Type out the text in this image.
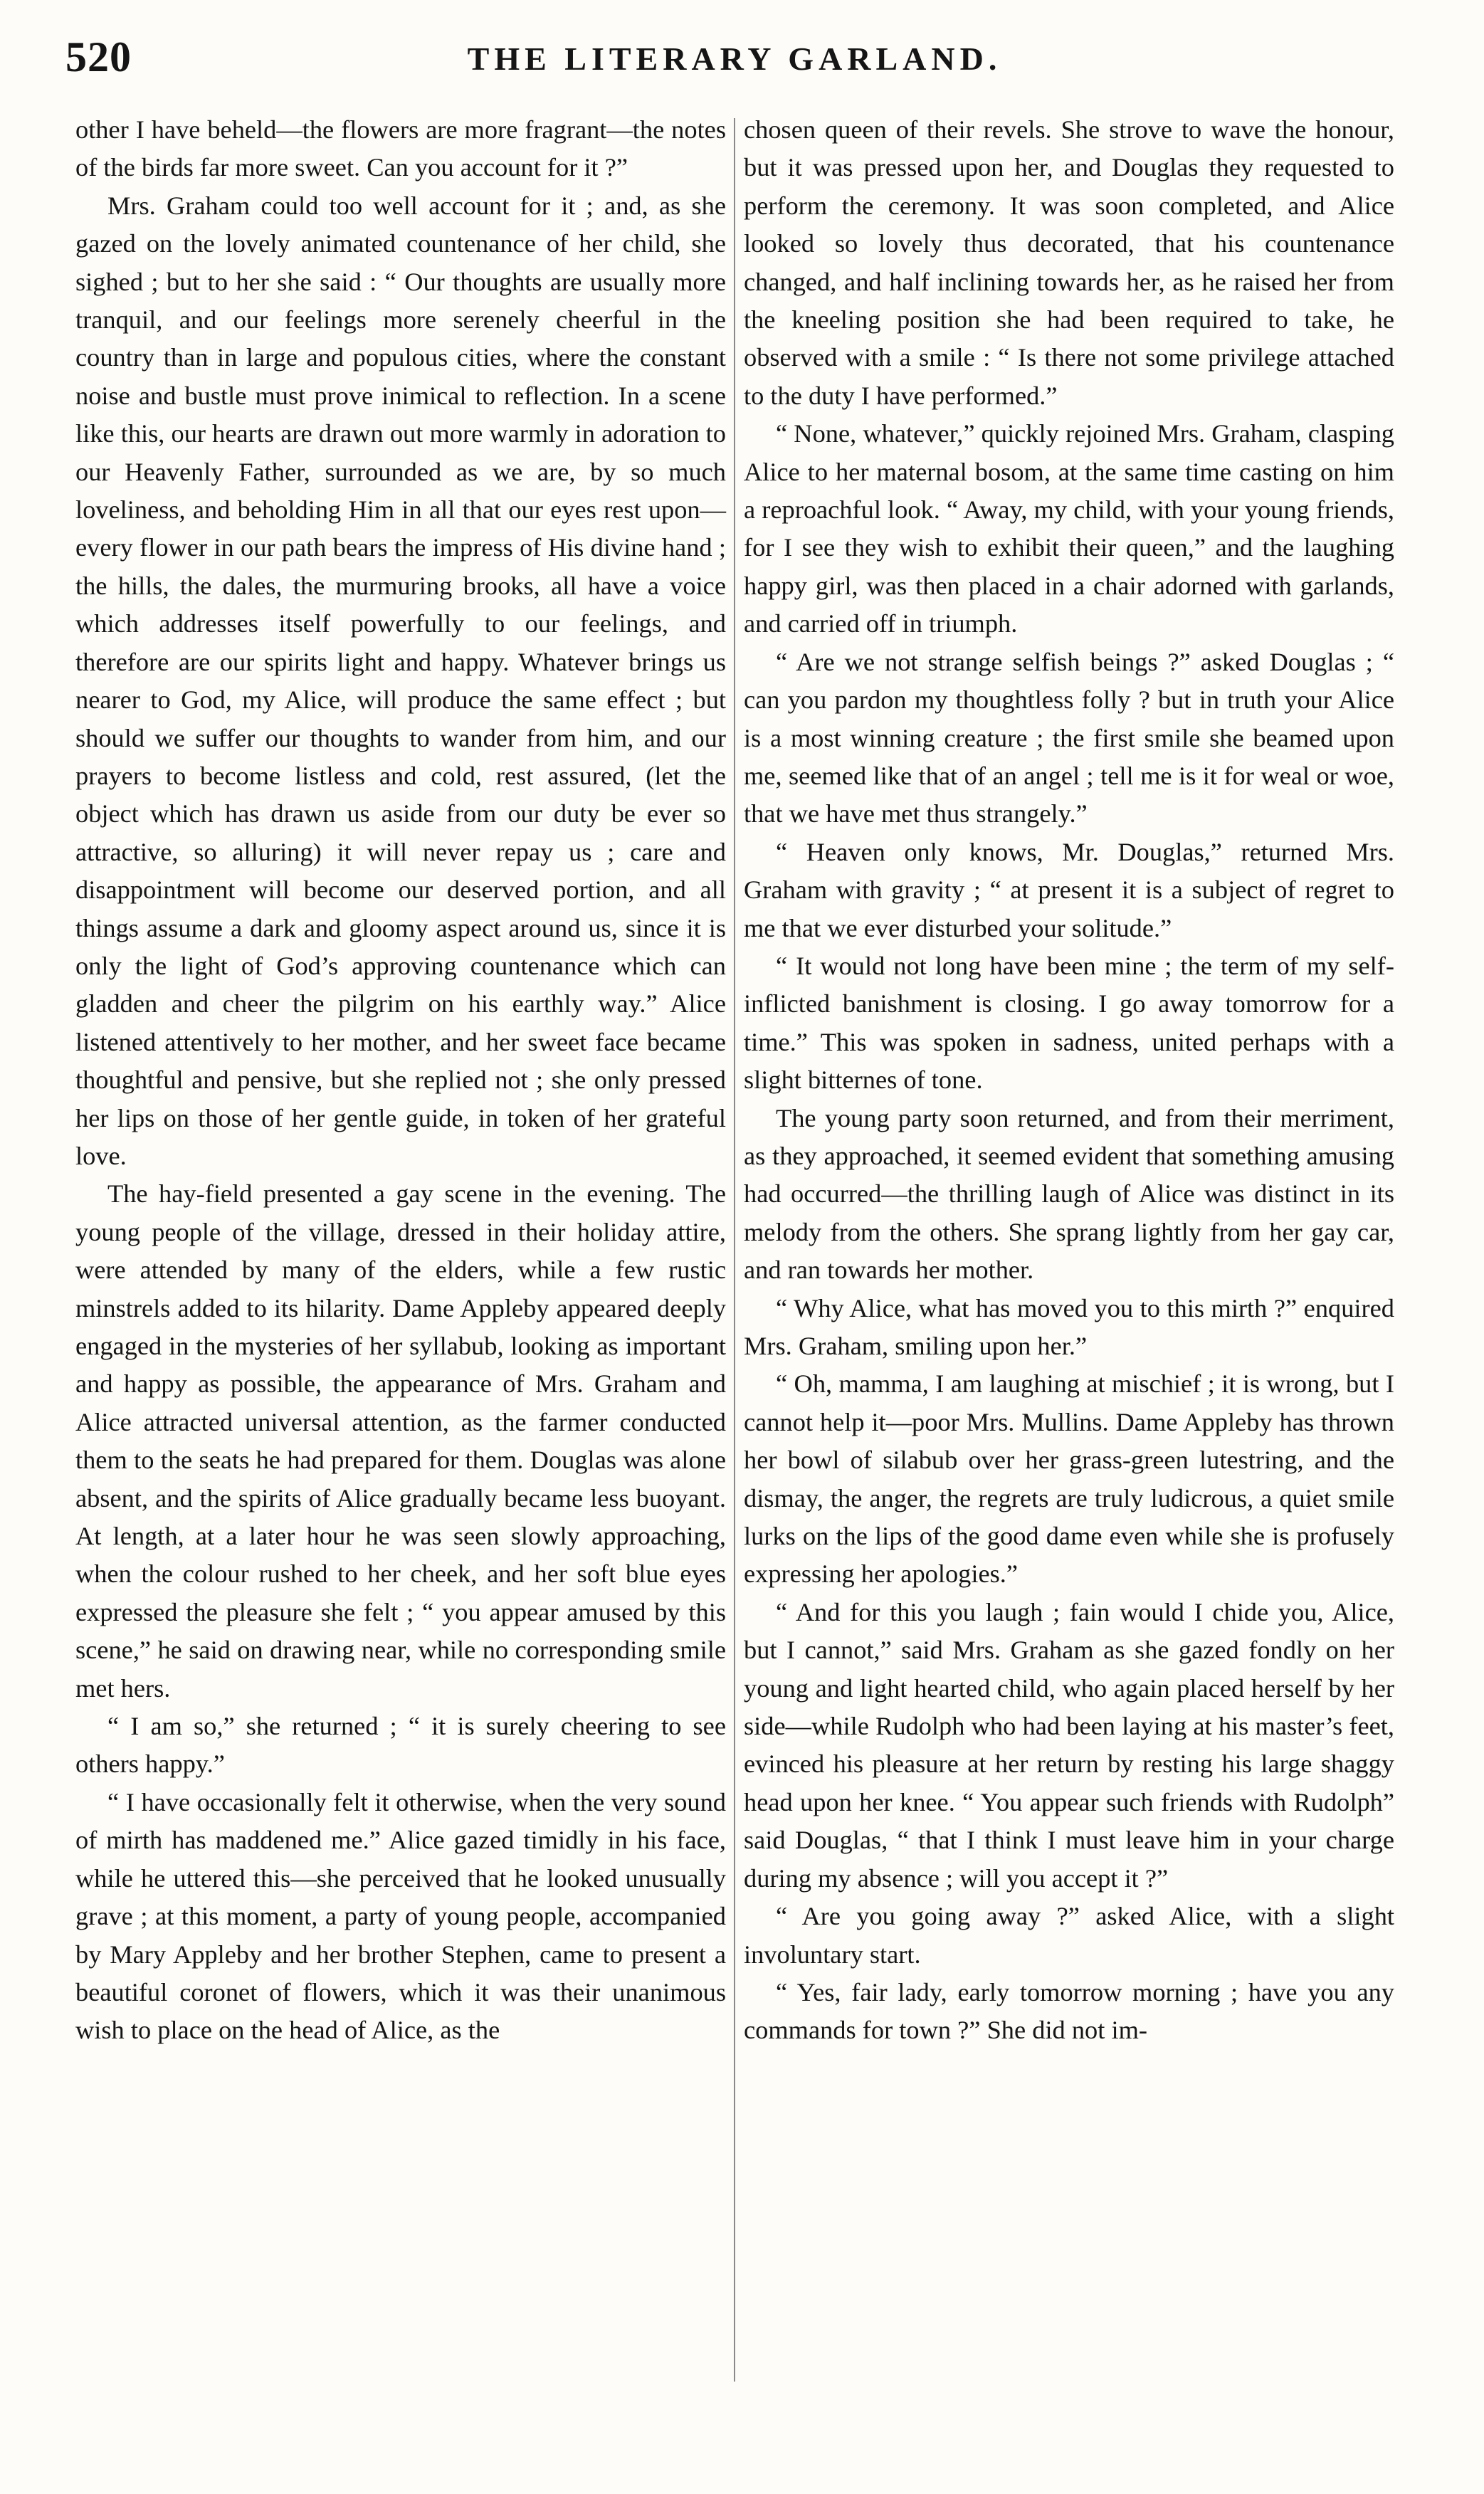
520	THE LITERARY GARLAND.

other I have beheld—the flowers are more fragrant—the notes of the birds far more sweet. Can you account for it ?”

Mrs. Graham could too well account for it ; and, as she gazed on the lovely animated countenance of her child, she sighed ; but to her she said : “ Our thoughts are usually more tranquil, and our feelings more serenely cheerful in the country than in large and populous cities, where the constant noise and bustle must prove inimical to reflection. In a scene like this, our hearts are drawn out more warmly in adoration to our Heavenly Father, surrounded as we are, by so much loveliness, and beholding Him in all that our eyes rest upon—every flower in our path bears the impress of His divine hand ; the hills, the dales, the murmuring brooks, all have a voice which addresses itself powerfully to our feelings, and therefore are our spirits light and happy. Whatever brings us nearer to God, my Alice, will produce the same effect ; but should we suffer our thoughts to wander from him, and our prayers to become listless and cold, rest assured, (let the object which has drawn us aside from our duty be ever so attractive, so alluring) it will never repay us ; care and disappointment will become our deserved portion, and all things assume a dark and gloomy aspect around us, since it is only the light of God’s approving countenance which can gladden and cheer the pilgrim on his earthly way.” Alice listened attentively to her mother, and her sweet face became thoughtful and pensive, but she replied not ; she only pressed her lips on those of her gentle guide, in token of her grateful love.

The hay-field presented a gay scene in the evening. The young people of the village, dressed in their holiday attire, were attended by many of the elders, while a few rustic minstrels added to its hilarity. Dame Appleby appeared deeply engaged in the mysteries of her syllabub, looking as important and happy as possible, the appearance of Mrs. Graham and Alice attracted universal attention, as the farmer conducted them to the seats he had prepared for them. Douglas was alone absent, and the spirits of Alice gradually became less buoyant. At length, at a later hour he was seen slowly approaching, when the colour rushed to her cheek, and her soft blue eyes expressed the pleasure she felt ; “ you appear amused by this scene,” he said on drawing near, while no corresponding smile met hers.

“ I am so,” she returned ; “ it is surely cheering to see others happy.”

“ I have occasionally felt it otherwise, when the very sound of mirth has maddened me.” Alice gazed timidly in his face, while he uttered this—she perceived that he looked unusually grave ; at this moment, a party of young people, accompanied by Mary Appleby and her brother Stephen, came to present a beautiful coronet of flowers, which it was their unanimous wish to place on the head of Alice, as the

chosen queen of their revels. She strove to wave the honour, but it was pressed upon her, and Douglas they requested to perform the ceremony. It was soon completed, and Alice looked so lovely thus decorated, that his countenance changed, and half inclining towards her, as he raised her from the kneeling position she had been required to take, he observed with a smile : “ Is there not some privilege attached to the duty I have performed.”

“ None, whatever,” quickly rejoined Mrs. Graham, clasping Alice to her maternal bosom, at the same time casting on him a reproachful look. “ Away, my child, with your young friends, for I see they wish to exhibit their queen,” and the laughing happy girl, was then placed in a chair adorned with garlands, and carried off in triumph.

“ Are we not strange selfish beings ?” asked Douglas ; “ can you pardon my thoughtless folly ? but in truth your Alice is a most winning creature ; the first smile she beamed upon me, seemed like that of an angel ; tell me is it for weal or woe, that we have met thus strangely.”

“ Heaven only knows, Mr. Douglas,” returned Mrs. Graham with gravity ; “ at present it is a subject of regret to me that we ever disturbed your solitude.”

“ It would not long have been mine ; the term of my self-inflicted banishment is closing. I go away tomorrow for a time.” This was spoken in sadness, united perhaps with a slight bitternes of tone.

The young party soon returned, and from their merriment, as they approached, it seemed evident that something amusing had occurred—the thrilling laugh of Alice was distinct in its melody from the others. She sprang lightly from her gay car, and ran towards her mother.

“ Why Alice, what has moved you to this mirth ?” enquired Mrs. Graham, smiling upon her.”

“ Oh, mamma, I am laughing at mischief ; it is wrong, but I cannot help it—poor Mrs. Mullins. Dame Appleby has thrown her bowl of silabub over her grass-green lutestring, and the dismay, the anger, the regrets are truly ludicrous, a quiet smile lurks on the lips of the good dame even while she is profusely expressing her apologies.”

“ And for this you laugh ; fain would I chide you, Alice, but I cannot,” said Mrs. Graham as she gazed fondly on her young and light hearted child, who again placed herself by her side—while Rudolph who had been laying at his master’s feet, evinced his pleasure at her return by resting his large shaggy head upon her knee. “ You appear such friends with Rudolph” said Douglas, “ that I think I must leave him in your charge during my absence ; will you accept it ?”

“ Are you going away ?” asked Alice, with a slight involuntary start.

“ Yes, fair lady, early tomorrow morning ; have you any commands for town ?” She did not im-
